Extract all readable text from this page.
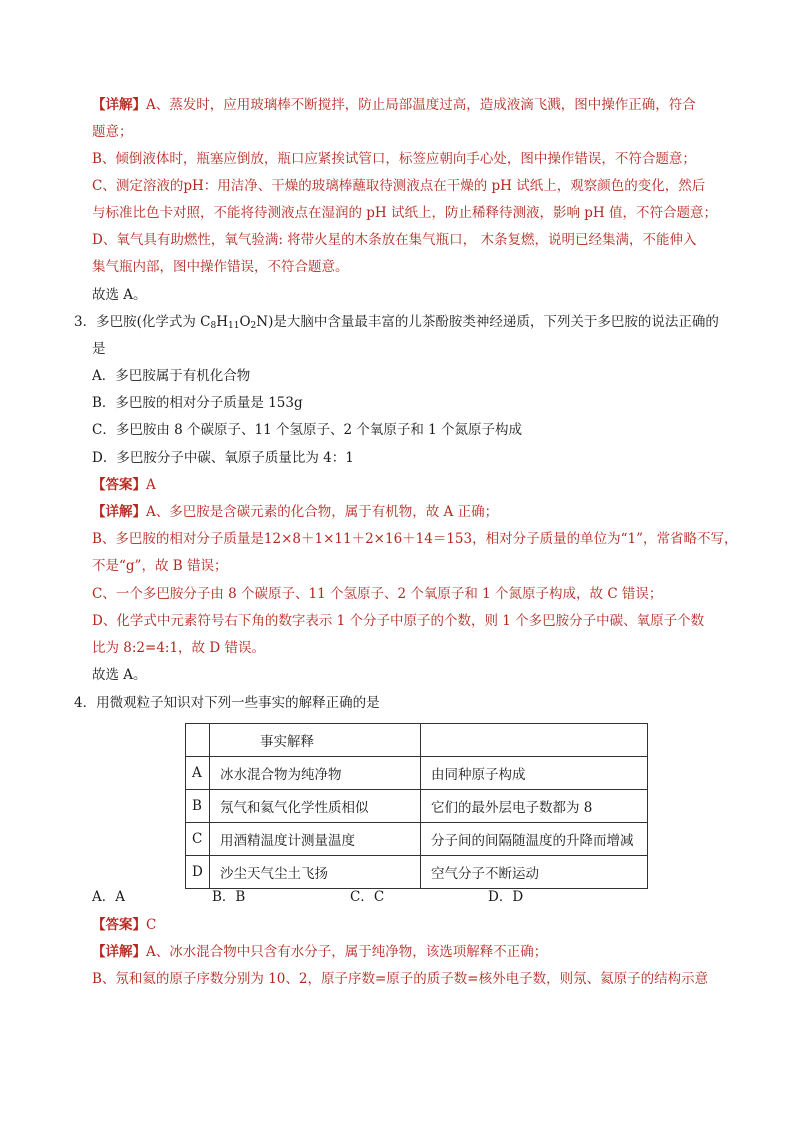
【详解】A、蒸发时，应用玻璃棒不断搅拌，防止局部温度过高，造成液滴飞溅，图中操作正确，符合
题意；
B、倾倒液体时，瓶塞应倒放，瓶口应紧挨试管口，标签应朝向手心处，图中操作错误，不符合题意；
C、测定溶液的pH：用洁净、干燥的玻璃棒蘸取待测液点在干燥的 pH 试纸上，观察颜色的变化，然后
与标准比色卡对照，不能将待测液点在湿润的 pH 试纸上，防止稀释待测液，影响 pH 值，不符合题意；
D、氧气具有助燃性，氧气验满: 将带火星的木条放在集气瓶口， 木条复燃，说明已经集满，不能伸入
集气瓶内部，图中操作错误，不符合题意。
故选 A。
3．多巴胺(化学式为 $C_8H_{11}O_2N$)是大脑中含量最丰富的儿茶酚胺类神经递质，下列关于多巴胺的说法正确的
是
A．多巴胺属于有机化合物
B．多巴胺的相对分子质量是 153g
C．多巴胺由 8 个碳原子、11 个氢原子、2 个氧原子和 1 个氮原子构成
D．多巴胺分子中碳、氧原子质量比为 4：1
【答案】A
【详解】A、多巴胺是含碳元素的化合物，属于有机物，故 A 正确；
B、多巴胺的相对分子质量是12×8＋1×11＋2×16＋14＝153，相对分子质量的单位为“1”，常省略不写，
不是“g”，故 B 错误；
C、一个多巴胺分子由 8 个碳原子、11 个氢原子、2 个氧原子和 1 个氮原子构成，故 C 错误；
D、化学式中元素符号右下角的数字表示 1 个分子中原子的个数，则 1 个多巴胺分子中碳、氧原子个数
比为 8:2=4:1，故 D 错误。
故选 A。
4．用微观粒子知识对下列一些事实的解释正确的是
	事实解释	
A	冰水混合物为纯净物	由同种原子构成
B	氖气和氦气化学性质相似	它们的最外层电子数都为 8
C	用酒精温度计测量温度	分子间的间隔随温度的升降而增减
D	沙尘天气尘土飞扬	空气分子不断运动
A．A	B．B	C．C	D．D
【答案】C
【详解】A、冰水混合物中只含有水分子，属于纯净物，该选项解释不正确；
B、氖和氦的原子序数分别为 10、2，原子序数=原子的质子数=核外电子数，则氖、氦原子的结构示意
